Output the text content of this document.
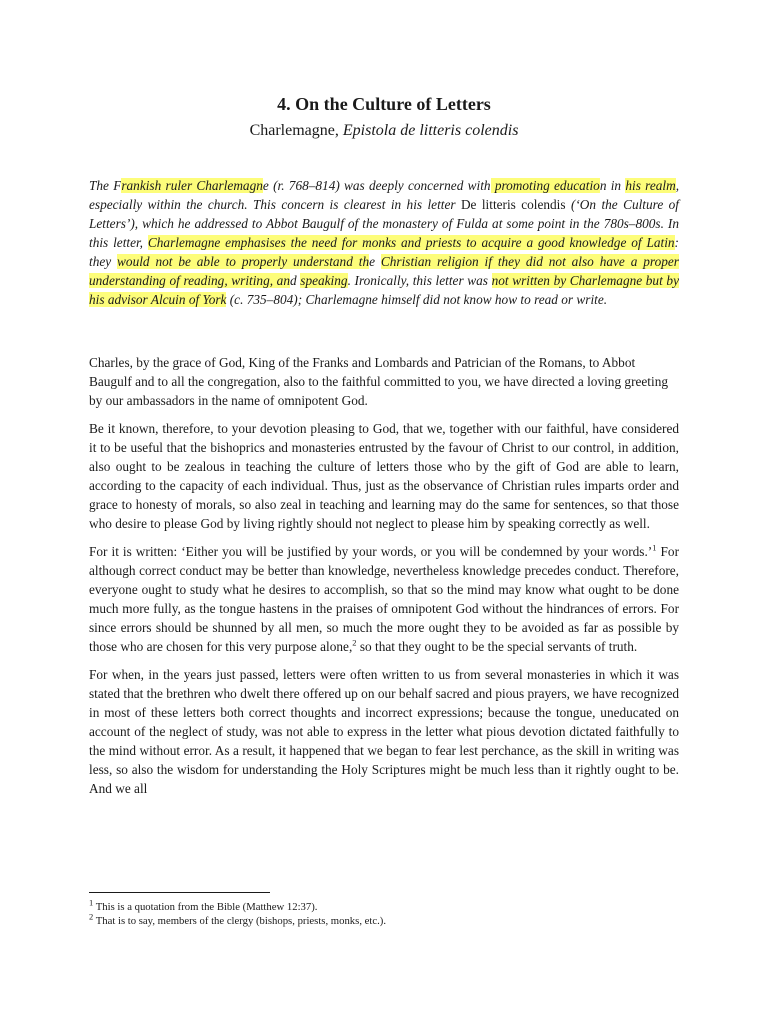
4. On the Culture of Letters
Charlemagne, Epistola de litteris colendis
The Frankish ruler Charlemagne (r. 768–814) was deeply concerned with promoting education in his realm, especially within the church. This concern is clearest in his letter De litteris colendis (‘On the Culture of Letters’), which he addressed to Abbot Baugulf of the monastery of Fulda at some point in the 780s–800s. In this letter, Charlemagne emphasises the need for monks and priests to acquire a good knowledge of Latin: they would not be able to properly understand the Christian religion if they did not also have a proper understanding of reading, writing, and speaking. Ironically, this letter was not written by Charlemagne but by his advisor Alcuin of York (c. 735–804); Charlemagne himself did not know how to read or write.

Charles, by the grace of God, King of the Franks and Lombards and Patrician of the Romans, to Abbot Baugulf and to all the congregation, also to the faithful committed to you, we have directed a loving greeting by our ambassadors in the name of omnipotent God.

Be it known, therefore, to your devotion pleasing to God, that we, together with our faithful, have considered it to be useful that the bishoprics and monasteries entrusted by the favour of Christ to our control, in addition, also ought to be zealous in teaching the culture of letters those who by the gift of God are able to learn, according to the capacity of each individual. Thus, just as the observance of Christian rules imparts order and grace to honesty of morals, so also zeal in teaching and learning may do the same for sentences, so that those who desire to please God by living rightly should not neglect to please him by speaking correctly as well.

For it is written: ‘Either you will be justified by your words, or you will be condemned by your words.’$^1$ For although correct conduct may be better than knowledge, nevertheless knowledge precedes conduct. Therefore, everyone ought to study what he desires to accomplish, so that so the mind may know what ought to be done much more fully, as the tongue hastens in the praises of omnipotent God without the hindrances of errors. For since errors should be shunned by all men, so much the more ought they to be avoided as far as possible by those who are chosen for this very purpose alone,$^2$ so that they ought to be the special servants of truth.

For when, in the years just passed, letters were often written to us from several monasteries in which it was stated that the brethren who dwelt there offered up on our behalf sacred and pious prayers, we have recognized in most of these letters both correct thoughts and incorrect expressions; because the tongue, uneducated on account of the neglect of study, was not able to express in the letter what pious devotion dictated faithfully to the mind without error. As a result, it happened that we began to fear lest perchance, as the skill in writing was less, so also the wisdom for understanding the Holy Scriptures might be much less than it rightly ought to be. And we all

$^1$ This is a quotation from the Bible (Matthew 12:37).
$^2$ That is to say, members of the clergy (bishops, priests, monks, etc.).
